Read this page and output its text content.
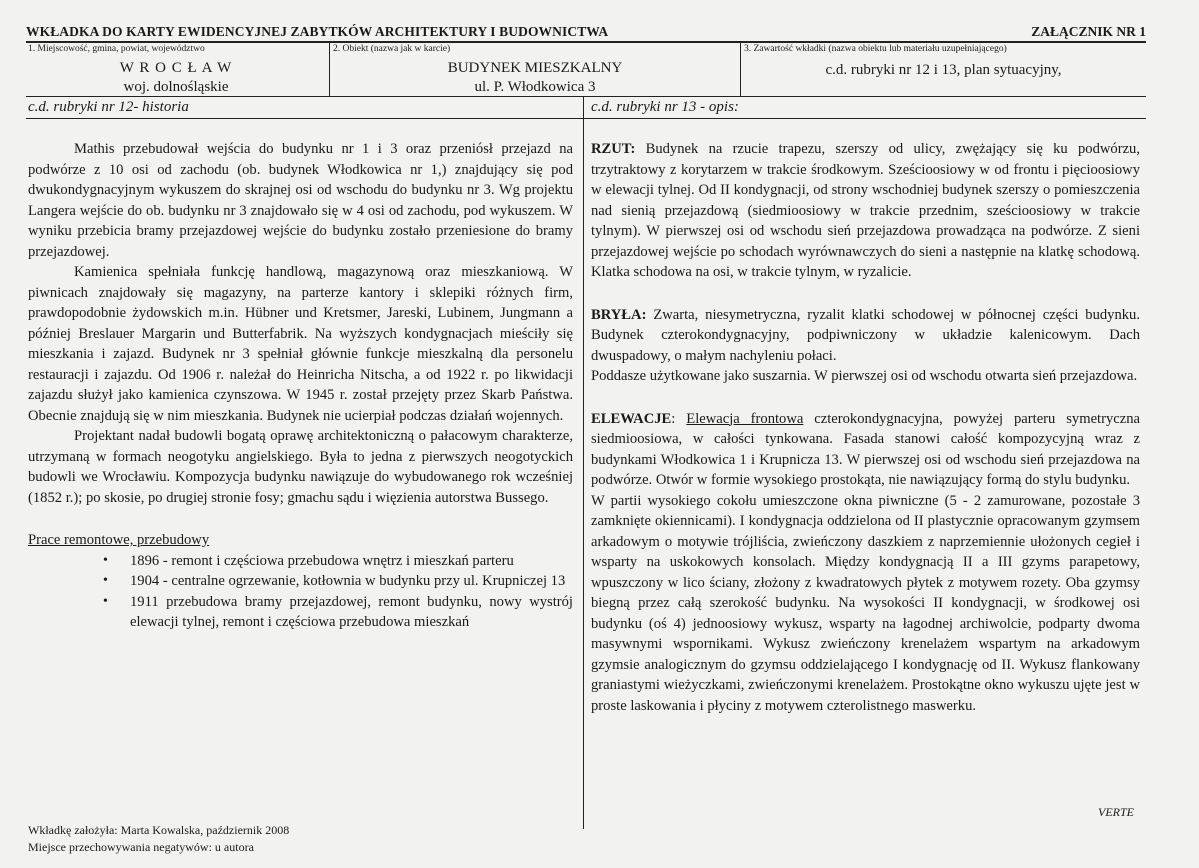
WKŁADKA DO KARTY EWIDENCYJNEJ ZABYTKÓW ARCHITEKTURY I BUDOWNICTWA	ZAŁĄCZNIK NR 1
1. Miejscowość, gmina, powiat, województwo
W R O C Ł A W
woj. dolnośląskie
2. Obiekt (nazwa jak w karcie)
BUDYNEK MIESZKALNY
ul. P. Włodkowica 3
3. Zawartość wkładki (nazwa obiektu lub materiału uzupełniającego)
c.d. rubryki nr 12 i 13, plan sytuacyjny,
c.d. rubryki nr 12- historia	c.d. rubryki nr 13 - opis:

Mathis przebudował wejścia do budynku nr 1 i 3 oraz przeniósł przejazd na podwórze z 10 osi od zachodu (ob. budynek Włodkowica nr 1,) znajdujący się pod dwukondygnacyjnym wykuszem do skrajnej osi od wschodu do budynku nr 3. Wg projektu Langera wejście do ob. budynku nr 3 znajdowało się w 4 osi od zachodu, pod wykuszem. W wyniku przebicia bramy przejazdowej wejście do budynku zostało przeniesione do bramy przejazdowej.

Kamienica spełniała funkcję handlową, magazynową oraz mieszkaniową. W piwnicach znajdowały się magazyny, na parterze kantory i sklepiki różnych firm, prawdopodobnie żydowskich m.in. Hübner und Kretsmer, Jareski, Lubinem, Jungmann a później Breslauer Margarin und Butterfabrik. Na wyższych kondygnacjach mieściły się mieszkania i zajazd. Budynek nr 3 spełniał głównie funkcje mieszkalną dla personelu restauracji i zajazdu. Od 1906 r. należał do Heinricha Nitscha, a od 1922 r. po likwidacji zajazdu służył jako kamienica czynszowa. W 1945 r. został przejęty przez Skarb Państwa. Obecnie znajdują się w nim mieszkania. Budynek nie ucierpiał podczas działań wojennych.

Projektant nadał budowli bogatą oprawę architektoniczną o pałacowym charakterze, utrzymaną w formach neogotyku angielskiego. Była to jedna z pierwszych neogotyckich budowli we Wrocławiu. Kompozycja budynku nawiązuje do wybudowanego rok wcześniej (1852 r.); po skosie, po drugiej stronie fosy; gmachu sądu i więzienia autorstwa Bussego.

Prace remontowe, przebudowy

• 1896 - remont i częściowa przebudowa wnętrz i mieszkań parteru
• 1904 - centralne ogrzewanie, kotłownia w budynku przy ul. Krupniczej 13
• 1911 przebudowa bramy przejazdowej, remont budynku, nowy wystrój elewacji tylnej, remont i częściowa przebudowa mieszkań

RZUT: Budynek na rzucie trapezu, szerszy od ulicy, zwężający się ku podwórzu, trzytraktowy z korytarzem w trakcie środkowym. Sześcioosiowy w od frontu i pięcioosiowy w elewacji tylnej. Od II kondygnacji, od strony wschodniej budynek szerszy o pomieszczenia nad sienią przejazdową (siedmioosiowy w trakcie przednim, sześcioosiowy w trakcie tylnym). W pierwszej osi od wschodu sień przejazdowa prowadząca na podwórze. Z sieni przejazdowej wejście po schodach wyrównawczych do sieni a następnie na klatkę schodową. Klatka schodowa na osi, w trakcie tylnym, w ryzalicie.

BRYŁA: Zwarta, niesymetryczna, ryzalit klatki schodowej w północnej części budynku. Budynek czterokondygnacyjny, podpiwniczony w układzie kalenicowym. Dach dwuspadowy, o małym nachyleniu połaci.

Poddasze użytkowane jako suszarnia. W pierwszej osi od wschodu otwarta sień przejazdowa.

ELEWACJE: Elewacja frontowa czterokondygnacyjna, powyżej parteru symetryczna siedmioosiowa, w całości tynkowana. Fasada stanowi całość kompozycyjną wraz z budynkami Włodkowica 1 i Krupnicza 13. W pierwszej osi od wschodu sień przejazdowa na podwórze. Otwór w formie wysokiego prostokąta, nie nawiązujący formą do stylu budynku.

W partii wysokiego cokołu umieszczone okna piwniczne (5 - 2 zamurowane, pozostałe 3 zamknięte okiennicami). I kondygnacja oddzielona od II plastycznie opracowanym gzymsem arkadowym o motywie trójliścia, zwieńczony daszkiem z naprzemiennie ułożonych cegieł i wsparty na uskokowych konsolach. Między kondygnacją II a III gzyms parapetowy, wpuszczony w lico ściany, złożony z kwadratowych płytek z motywem rozety. Oba gzymsy biegną przez całą szerokość budynku. Na wysokości II kondygnacji, w środkowej osi budynku (oś 4) jednoosiowy wykusz, wsparty na łagodnej archiwolcie, podparty dwoma masywnymi wspornikami. Wykusz zwieńczony krenelażem wspartym na arkadowym gzymsie analogicznym do gzymsu oddzielającego I kondygnację od II. Wykusz flankowany graniastymi wieżyczkami, zwieńczonymi krenelażem. Prostokątne okno wykuszu ujęte jest w proste laskowania i płyciny z motywem czterolistnego maswerku.

VERTE
Wkładkę założyła: Marta Kowalska, październik 2008
Miejsce przechowywania negatywów: u autora
